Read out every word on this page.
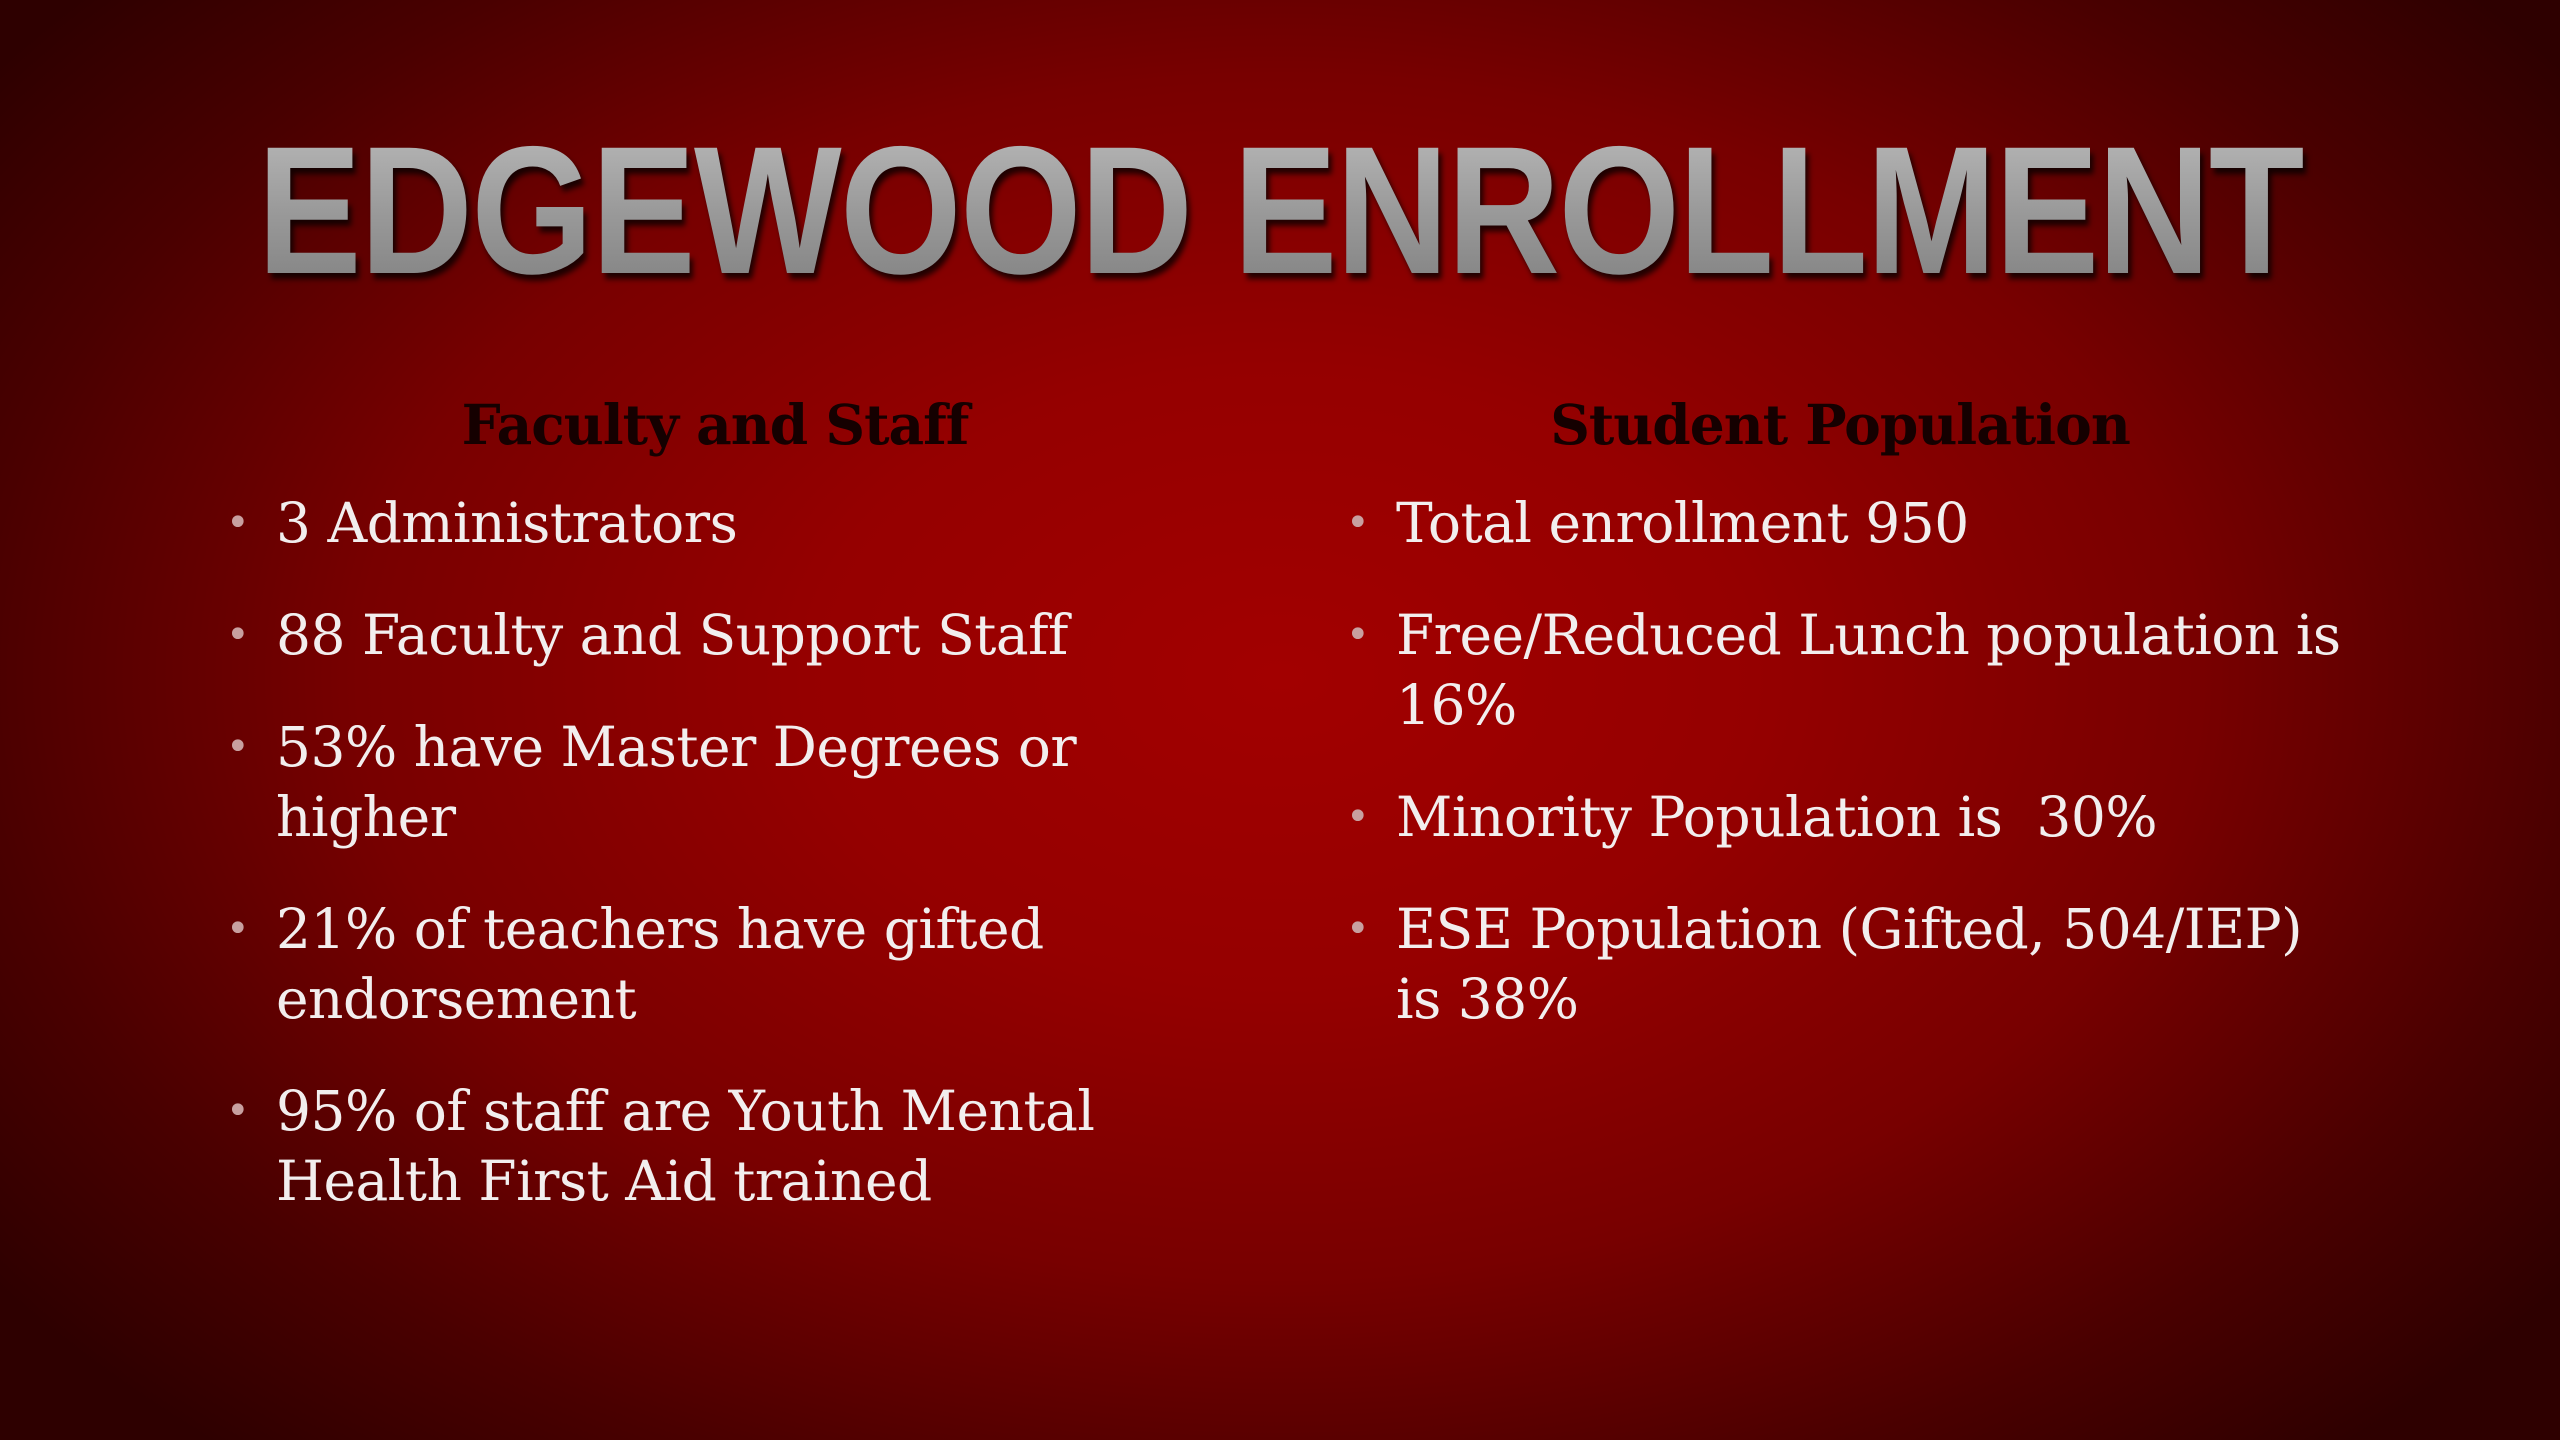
EDGEWOOD ENROLLMENT
Faculty and Staff
• 3 Administrators
• 88 Faculty and Support Staff
• 53% have Master Degrees or higher
• 21% of teachers have gifted endorsement
• 95% of staff are Youth Mental Health First Aid trained
Student Population
• Total enrollment 950
• Free/Reduced Lunch population is 16%
• Minority Population is  30%
• ESE Population (Gifted, 504/IEP) is 38%
